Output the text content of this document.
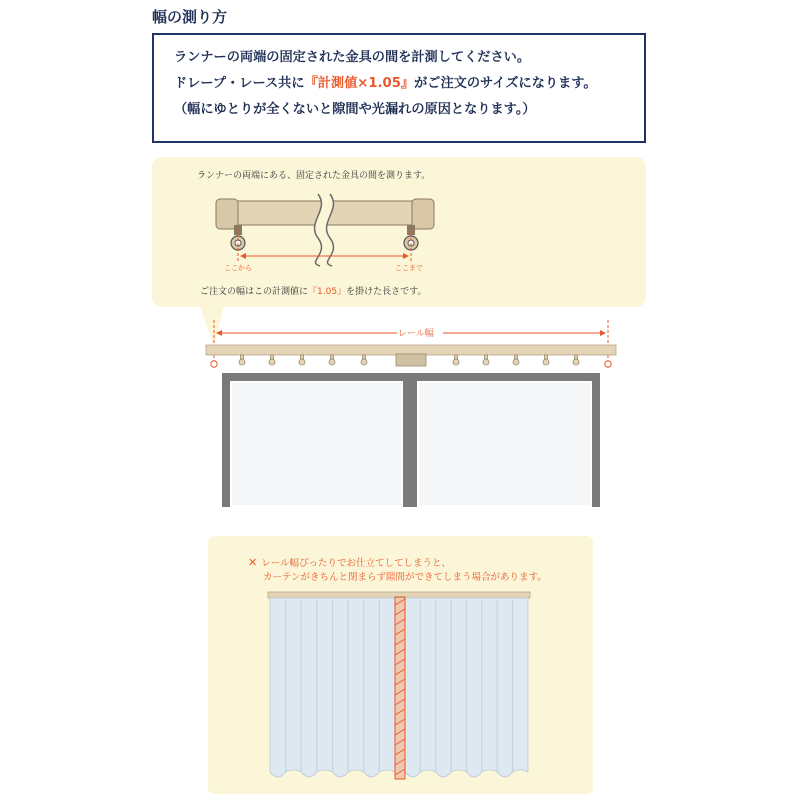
幅の測り方

ランナーの両端の固定された金具の間を計測してください。

ドレープ・レース共に『計測値×1.05』がご注文のサイズになります。

（幅にゆとりが全くないと隙間や光漏れの原因となります。）

ランナーの両端にある、固定された金具の間を測ります。
ここから	ここまで
ご注文の幅はこの計測値に『1.05』を掛けた長さです。
レール幅
✕ レール幅ぴったりでお仕立てしてしまうと、
カーテンがきちんと閉まらず隙間ができてしまう場合があります。
